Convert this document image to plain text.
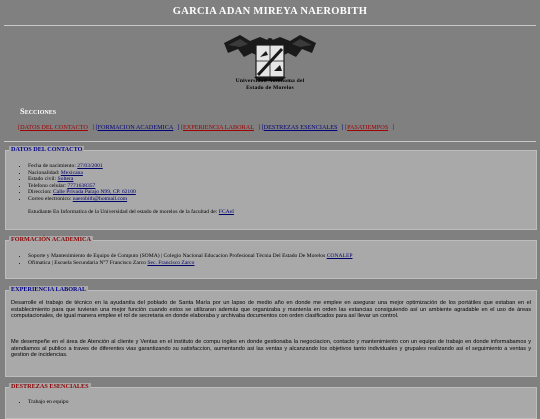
GARCIA ADAN MIREYA NAEROBITH
Universidad Autónoma del
Estado de Morelos
Secciones
[DATOS DEL CONTACTO ] [FORMACION ACADEMICA ] [EXPERIENCIA LABORAL ] [DESTREZAS ESENCIALES ] [PASATIEMPOS ]
DATOS DEL CONTACTO
• Fecha de nacimiento: 27/03/2001
• Nacionalidad: Mexicana
• Estado civil: Soltera
• Telefono celular: 7771638357
• Direccion: Calle Privada Parajo N99, CP. 62100
• Correo electronico: naerobith@hotmail.com
Estudiante En Informatica de la Universidad del estado de morelos de la facultad de: FCAeI
FORMACIÓN ACADEMICA
• Soporte y Mantenimiento de Equipo de Computo (SOMA) | Colegio Nacional Educacion Profesional Técnia Del Estado De Morelos CONALEP
• Ofimatica | Escuela Secundaria N°7 Francisco Zarco Sec. Francisco Zarco
EXPERIENCIA LABORAL
Desarrolle el trabajo de técnico en la ayudantía del poblado de Santa María por un lapso de medio año en donde me emplee en asegurar una mejor optimización de los portátiles que estaban en el establecimiento para que tuvieran una mejor función cuando estos se utilizaran además que organizaba y mantenía en orden las estancias consiguiendo así un ambiente agradable en el uso de áreas computacionales, de igual manera emplee el rol de secretaria en donde elaboraba y archivaba documentos con orden clasificados para así llevar un control.
Me desempeñe en el área de Atención al cliente y Ventas en el instituto de compu ingles en donde gestionaba la negociacion, contacto y mantenimiento con un equipo de trabajo en donde informabamos y atendiamos al publico a traves de diferentes vias garantizando su satisfaccion, aumentando asi las ventas y alcanzando los objetivos tanto individuales y grupales realizando asi el seguimiento a ventas y gestion de incidencias.
DESTREZAS ESENCIALES
• Trabajo en equipo
